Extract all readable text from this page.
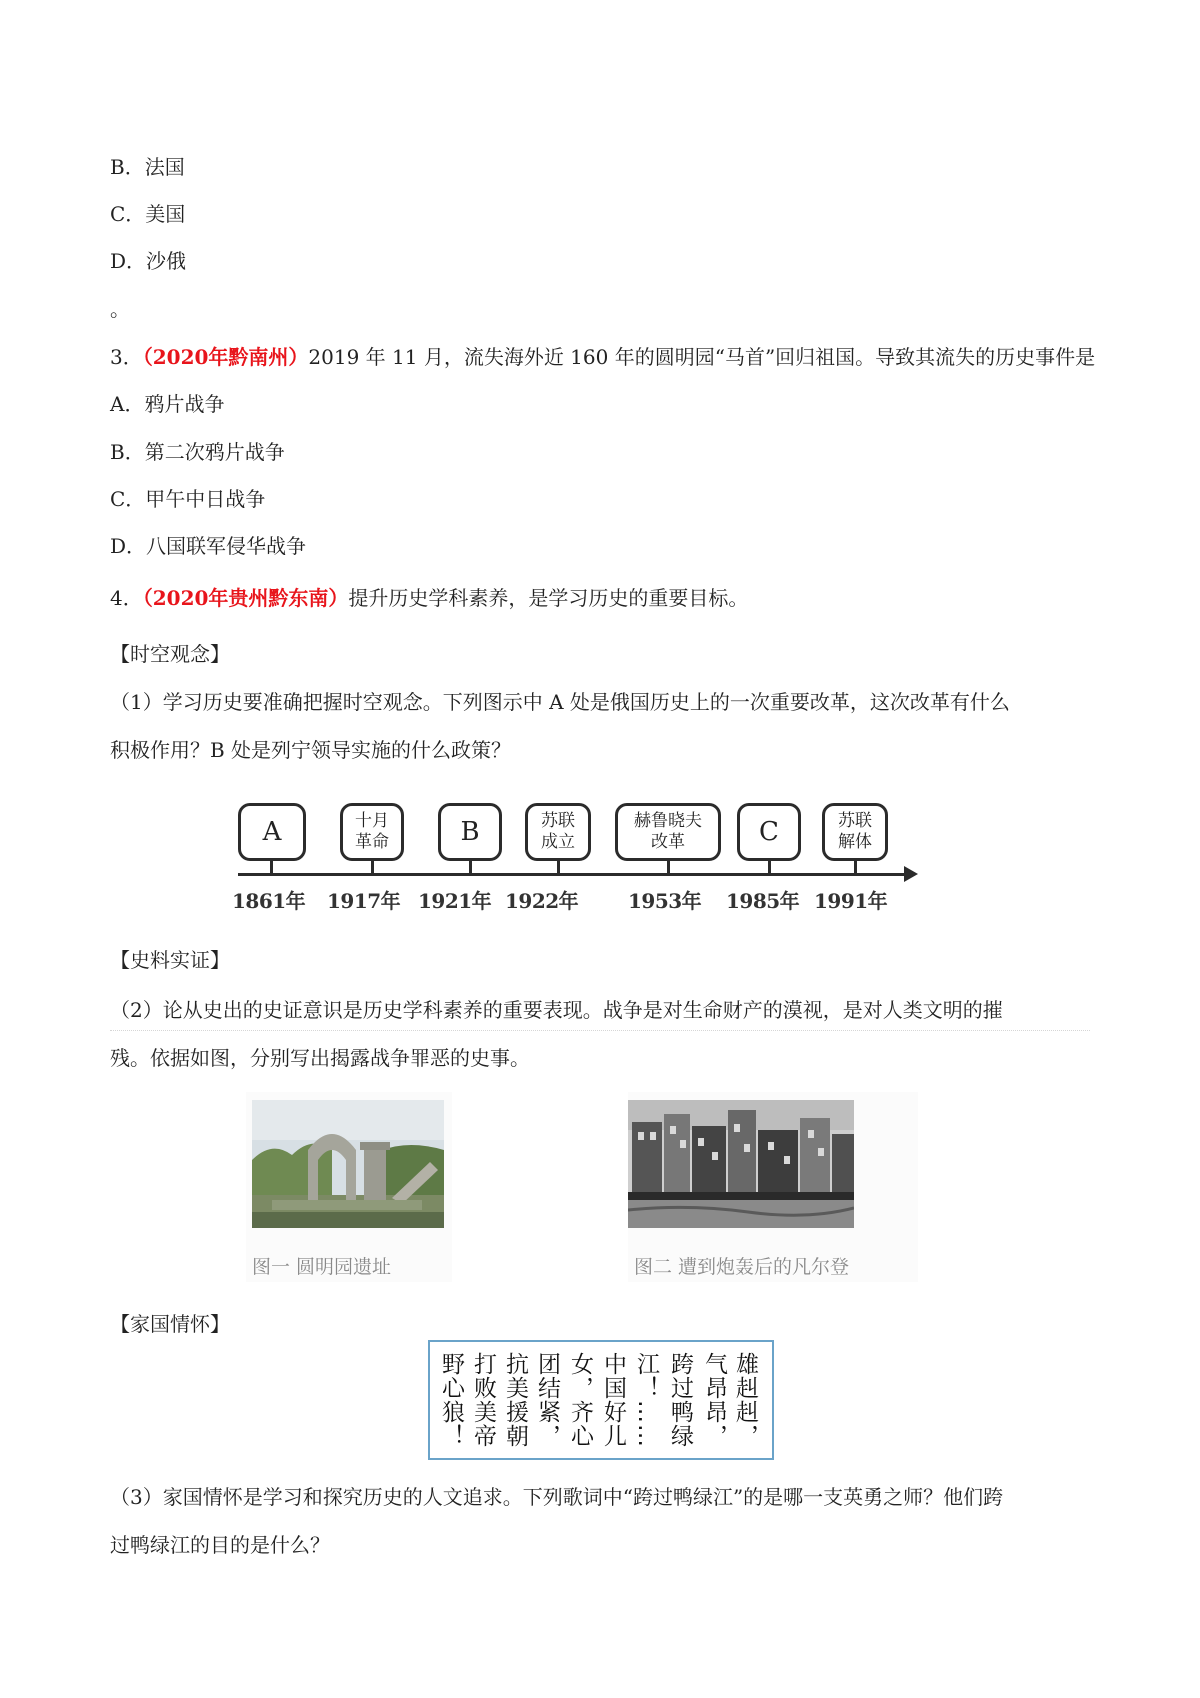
B．法国
C．美国
D．沙俄
。
3．（2020年黔南州）2019 年 11 月，流失海外近 160 年的圆明园“马首”回归祖国。导致其流失的历史事件是
A．鸦片战争
B．第二次鸦片战争
C．甲午中日战争
D．八国联军侵华战争
4．（2020年贵州黔东南）提升历史学科素养，是学习历史的重要目标。
【时空观念】
（1）学习历史要准确把握时空观念。下列图示中 A 处是俄国历史上的一次重要改革，这次改革有什么
积极作用？B 处是列宁领导实施的什么政策？
A	十月
革命	B	苏联
成立
赫鲁晓夫
改革	C	苏联
解体
1861年 1917年 1921年 1922年 1953年 1985年 1991年
【史料实证】
（2）论从史出的史证意识是历史学科素养的重要表现。战争是对生命财产的漠视，是对人类文明的摧
残。依据如图，分别写出揭露战争罪恶的史事。
图一 圆明园遗址	图二 遭到炮轰后的凡尔登
【家国情怀】
雄赳赳，
气昂昂，
跨过鸭绿
江！……
中国好儿
女，齐心
团结紧，
抗美援朝
打败美帝
野心狼！
（3）家国情怀是学习和探究历史的人文追求。下列歌词中“跨过鸭绿江”的是哪一支英勇之师？他们跨
过鸭绿江的目的是什么？
